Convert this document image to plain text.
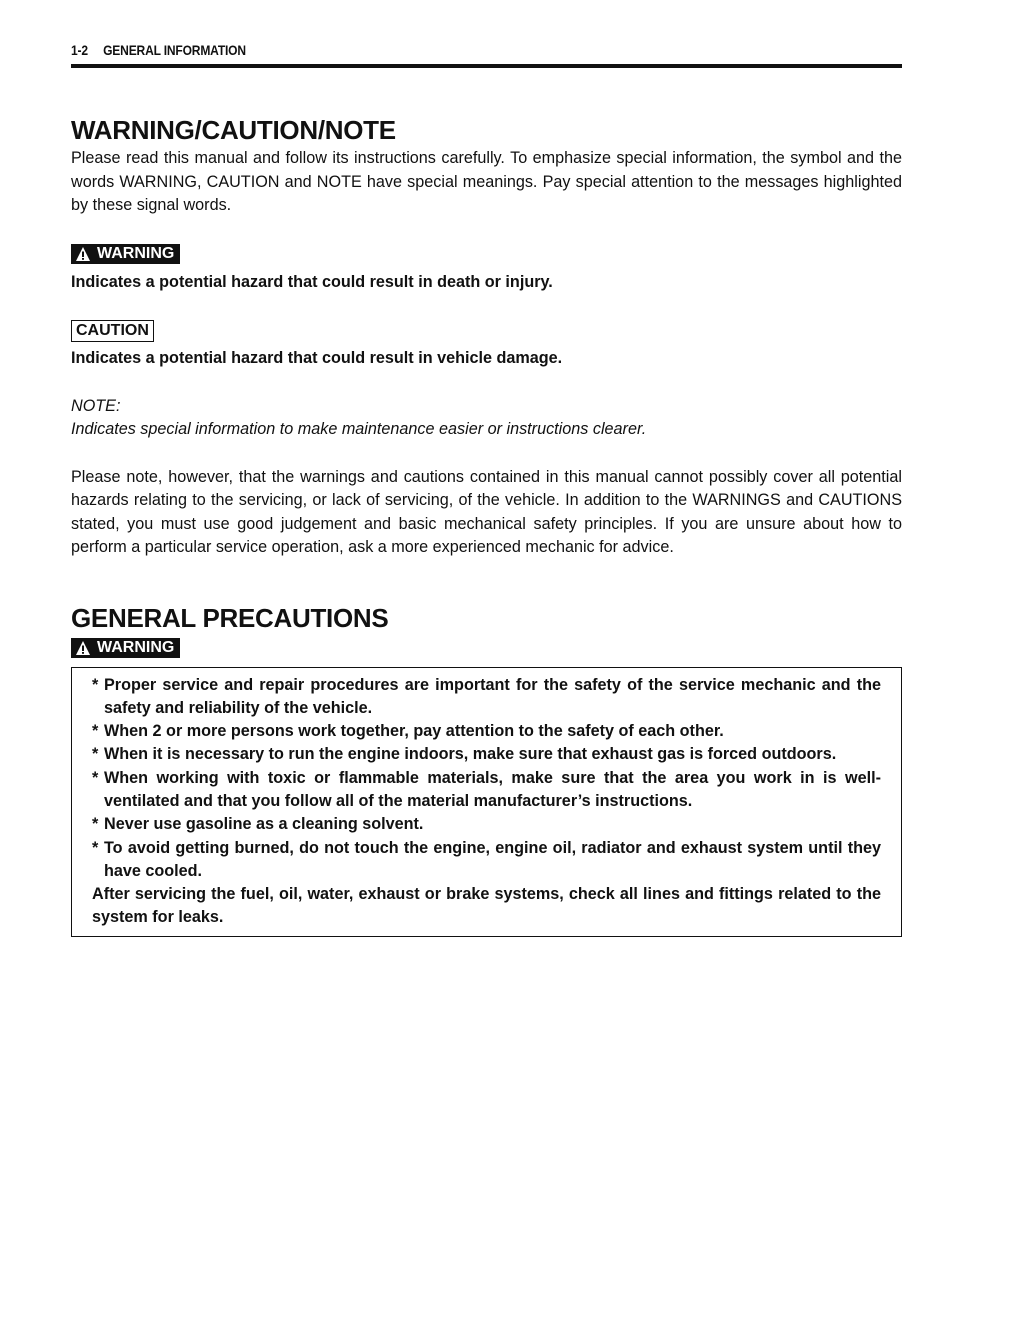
1-2 GENERAL INFORMATION
WARNING/CAUTION/NOTE

Please read this manual and follow its instructions carefully. To emphasize special information, the symbol and the words WARNING, CAUTION and NOTE have special meanings. Pay special attention to the messages highlighted by these signal words.

WARNING

Indicates a potential hazard that could result in death or injury.

CAUTION

Indicates a potential hazard that could result in vehicle damage.

NOTE:

Indicates special information to make maintenance easier or instructions clearer.

Please note, however, that the warnings and cautions contained in this manual cannot possibly cover all potential hazards relating to the servicing, or lack of servicing, of the vehicle. In addition to the WARNINGS and CAUTIONS stated, you must use good judgement and basic mechanical safety principles. If you are unsure about how to perform a particular service operation, ask a more experienced mechanic for advice.

GENERAL PRECAUTIONS
WARNING
* Proper service and repair procedures are important for the safety of the service mechanic and the safety and reliability of the vehicle.
* When 2 or more persons work together, pay attention to the safety of each other.
* When it is necessary to run the engine indoors, make sure that exhaust gas is forced outdoors.
* When working with toxic or flammable materials, make sure that the area you work in is well-ventilated and that you follow all of the material manufacturer’s instructions.
* Never use gasoline as a cleaning solvent.
* To avoid getting burned, do not touch the engine, engine oil, radiator and exhaust system until they have cooled.

After servicing the fuel, oil, water, exhaust or brake systems, check all lines and fittings related to the system for leaks.
